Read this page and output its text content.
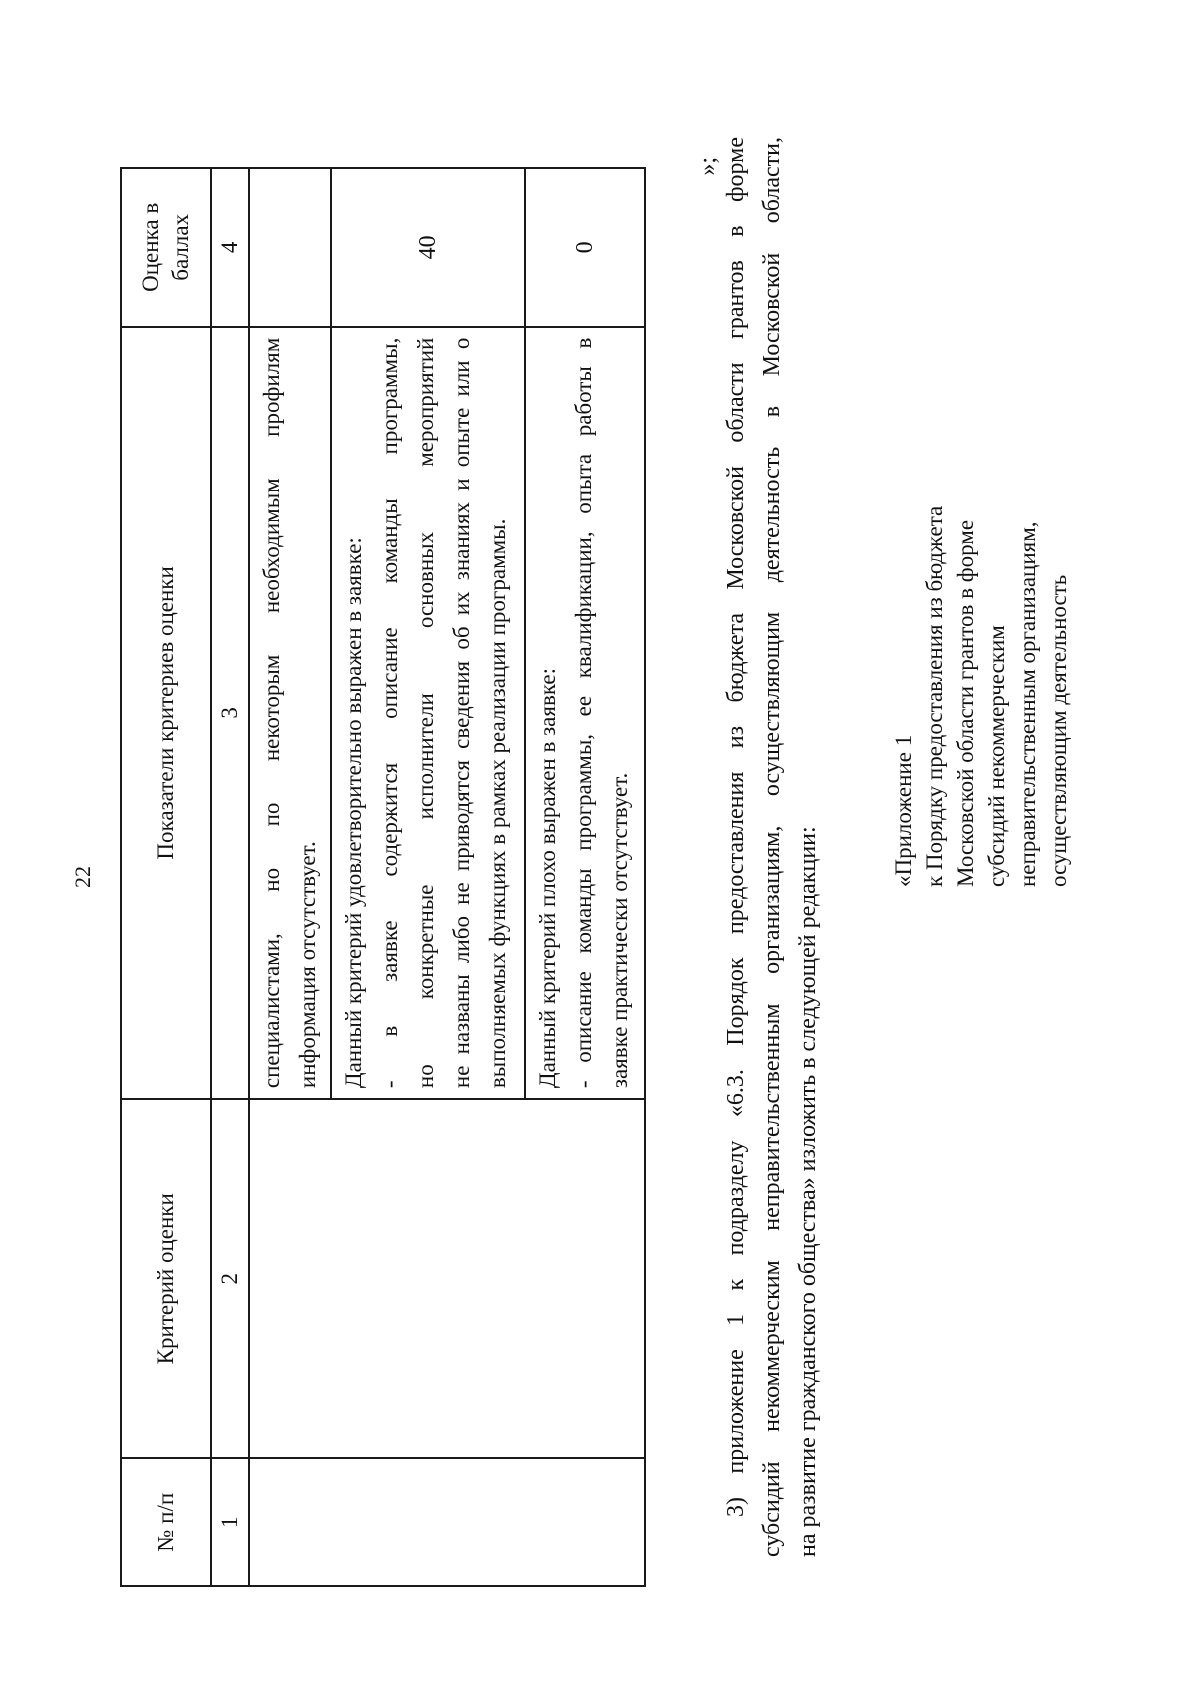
22
№ п/п	Критерий оценки	Показатели критериев оценки	Оценка в баллах
1	2	3	4

		специалистами, но по некоторым необходимым профилям информация отсутствует.	

		Данный критерий удовлетворительно выражен в заявке: - в заявке содержится описание команды программы, но конкретные исполнители основных мероприятий не названы либо не приводятся сведения об их знаниях и опыте или о выполняемых функциях в рамках реализации программы.	40

		Данный критерий плохо выражен в заявке: - описание команды программы, ее квалификации, опыта работы в заявке практически отсутствует.	0
»; 3) приложение 1 к подразделу «6.3. Порядок предоставления из бюджета Московской области грантов в форме субсидий некоммерческим неправительственным организациям, осуществляющим деятельность в Московской области, на развитие гражданского общества» изложить в следующей редакции:
«Приложение 1 к Порядку предоставления из бюджета Московской области грантов в форме субсидий некоммерческим неправительственным организациям, осуществляющим деятельность
